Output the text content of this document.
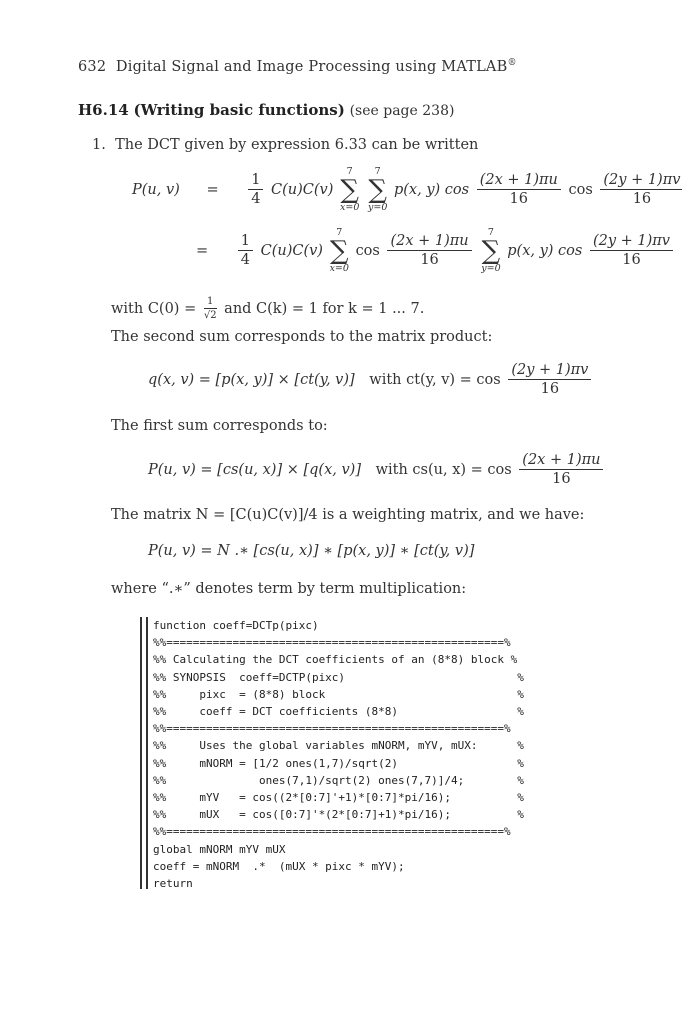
632 Digital Signal and Image Processing using MATLAB®
H6.14 (Writing basic functions) (see page 238)
1. The DCT given by expression 6.33 can be written
P(u, $v) = \frac{1}{4} C(u)C(v)$
7
∑
x=0

7
∑
y=0
p(x, y) $\cos \frac{(2x + 1)\pi u}{16}$ $\cos \frac{(2y + 1)\pi v}{16}$
= $\frac{1}{4} C(u)C(v)$
7
∑
x=0
$\cos \frac{(2x + 1)\pi u}{16}$

7
∑
y=0
p(x, y) $\cos \frac{(2y + 1)\pi v}{16}$
with $C(0) = \frac{1}{√2}$ and C(k) = 1 for k = 1 ... 7.
The second sum corresponds to the matrix product:
q(x, v) = [p(x, y)] × [ct(y, v)] with ct(y, $v) = \cos \frac{(2y + 1)\pi v}{16}$
The first sum corresponds to:
P(u, v) = [cs(u, x)] × [q(x, v)] with cs(u, $x) = \cos \frac{(2x + 1)\pi u}{16}$
The matrix N = [C(u)C(v)]/4 is a weighting matrix, and we have:
P(u, v) = N .∗ [cs(u, x)] ∗ [p(x, y)] ∗ [ct(y, v)]
where “.∗” denotes term by term multiplication:
function coeff=DCTp(pixc)
%%===================================================%
%% Calculating the DCT coefficients of an (8*8) block %
%% SYNOPSIS  coeff=DCTP(pixc)                          %
%%     pixc  = (8*8) block                             %
%%     coeff = DCT coefficients (8*8)                  %
%%===================================================%
%%     Uses the global variables mNORM, mYV, mUX:      %
%%     mNORM = [1/2 ones(1,7)/sqrt(2)                  %
%%              ones(7,1)/sqrt(2) ones(7,7)]/4;        %
%%     mYV   = cos((2*[0:7]'+1)*[0:7]*pi/16);          %
%%     mUX   = cos([0:7]'*(2*[0:7]+1)*pi/16);          %
%%===================================================%
global mNORM mYV mUX
coeff = mNORM  .*  (mUX * pixc * mYV);
return
